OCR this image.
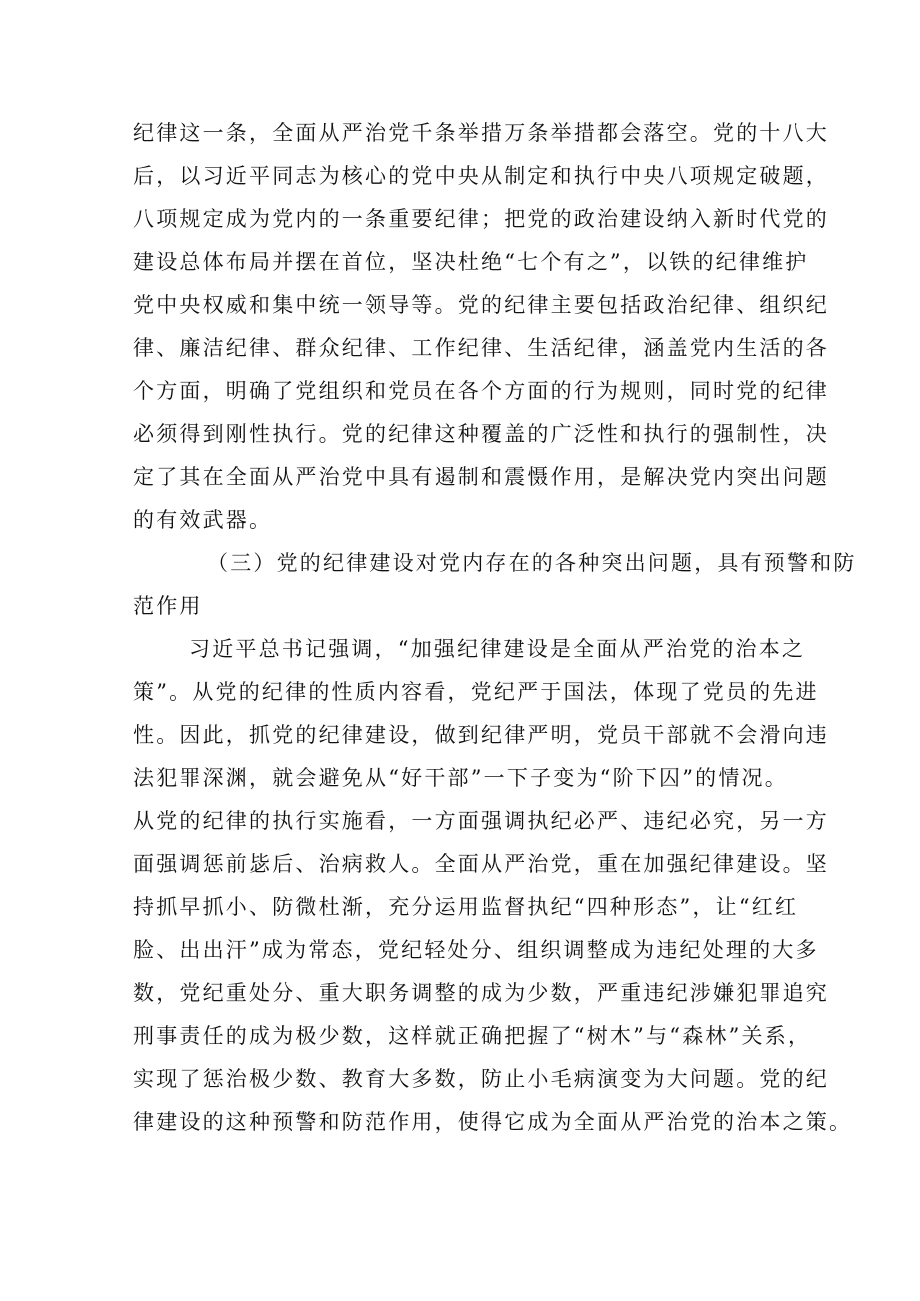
纪律这一条，全面从严治党千条举措万条举措都会落空。党的十八大
后，以习近平同志为核心的党中央从制定和执行中央八项规定破题，
八项规定成为党内的一条重要纪律；把党的政治建设纳入新时代党的
建设总体布局并摆在首位，坚决杜绝“七个有之”，以铁的纪律维护
党中央权威和集中统一领导等。党的纪律主要包括政治纪律、组织纪
律、廉洁纪律、群众纪律、工作纪律、生活纪律，涵盖党内生活的各
个方面，明确了党组织和党员在各个方面的行为规则，同时党的纪律
必须得到刚性执行。党的纪律这种覆盖的广泛性和执行的强制性，决
定了其在全面从严治党中具有遏制和震慑作用，是解决党内突出问题
的有效武器。
（三）党的纪律建设对党内存在的各种突出问题，具有预警和防
范作用
习近平总书记强调，“加强纪律建设是全面从严治党的治本之
策”。从党的纪律的性质内容看，党纪严于国法，体现了党员的先进
性。因此，抓党的纪律建设，做到纪律严明，党员干部就不会滑向违
法犯罪深渊，就会避免从“好干部”一下子变为“阶下囚”的情况。
从党的纪律的执行实施看，一方面强调执纪必严、违纪必究，另一方
面强调惩前毖后、治病救人。全面从严治党，重在加强纪律建设。坚
持抓早抓小、防微杜渐，充分运用监督执纪“四种形态”，让“红红
脸、出出汗”成为常态，党纪轻处分、组织调整成为违纪处理的大多
数，党纪重处分、重大职务调整的成为少数，严重违纪涉嫌犯罪追究
刑事责任的成为极少数，这样就正确把握了“树木”与“森林”关系，
实现了惩治极少数、教育大多数，防止小毛病演变为大问题。党的纪
律建设的这种预警和防范作用，使得它成为全面从严治党的治本之策。
